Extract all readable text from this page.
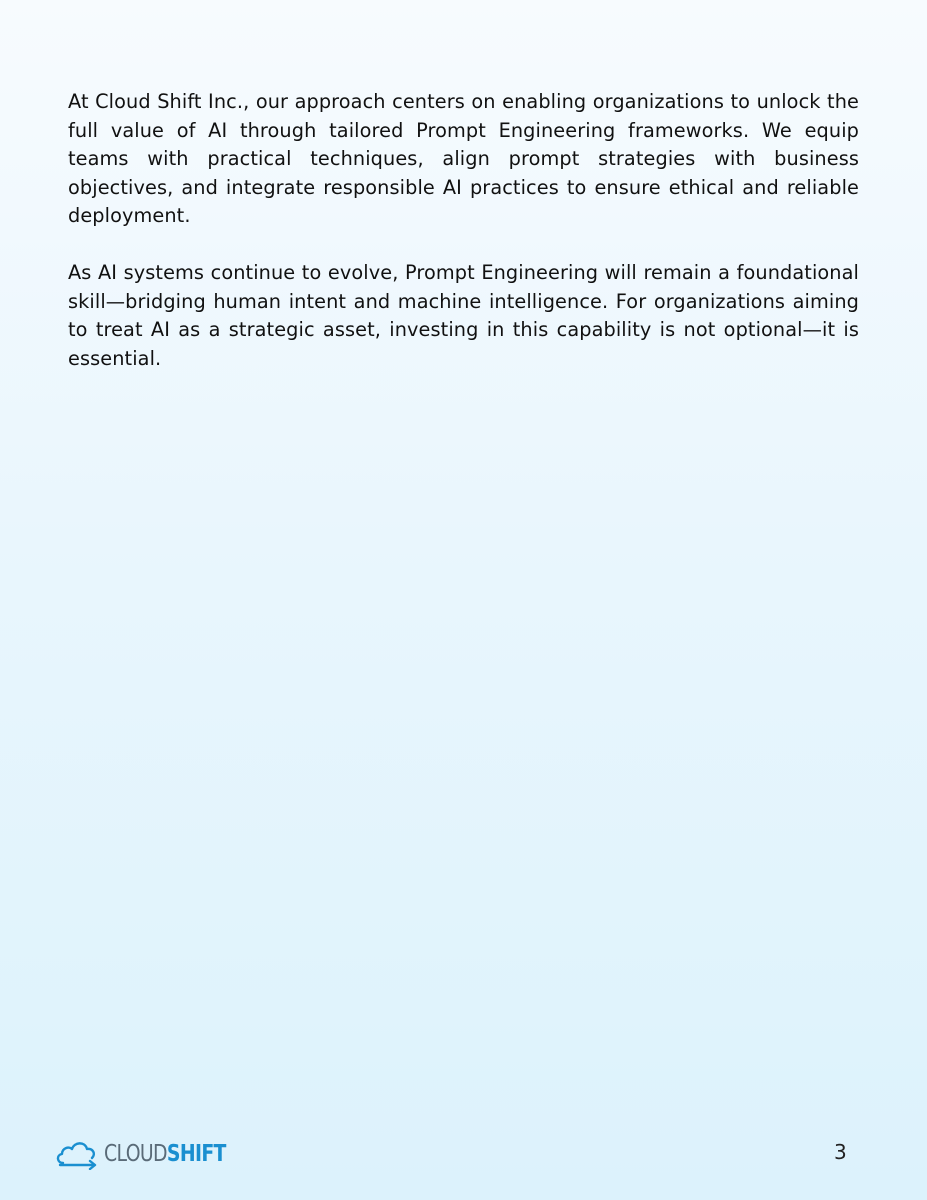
At Cloud Shift Inc., our approach centers on enabling organizations to unlock the full value of AI through tailored Prompt Engineering frameworks. We equip teams with practical techniques, align prompt strategies with business objectives, and integrate responsible AI practices to ensure ethical and reliable deployment.

As AI systems continue to evolve, Prompt Engineering will remain a foundational skill—bridging human intent and machine intelligence. For organizations aiming to treat AI as a strategic asset, investing in this capability is not optional—it is essential.

CLOUDSHIFT	3
